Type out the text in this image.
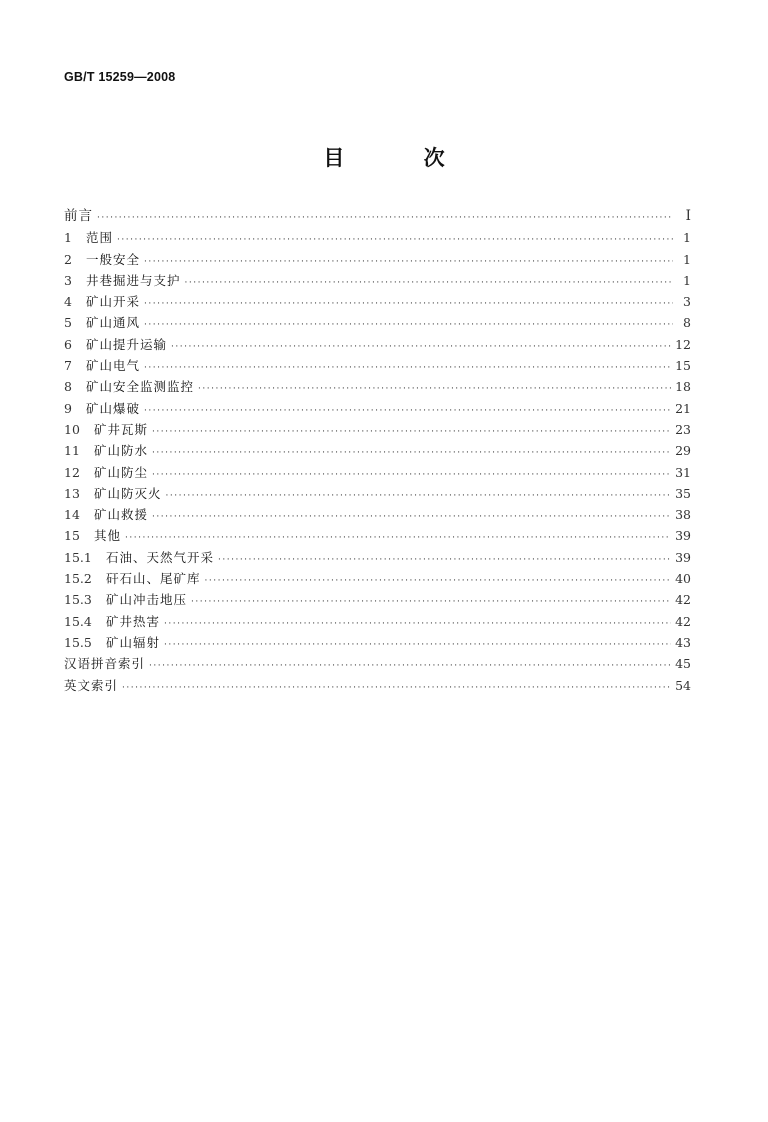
GB/T 15259—2008
目 次
前言 ·····	Ⅰ
1	范围 ·····	1
2	一般安全 ·····	1
3	井巷掘进与支护 ·····	1
4	矿山开采 ·····	3
5	矿山通风 ·····	8
6	矿山提升运输 ·····	12
7	矿山电气 ·····	15
8	矿山安全监测监控 ·····	18
9	矿山爆破 ·····	21
10	矿井瓦斯 ·····	23
11	矿山防水 ·····	29
12	矿山防尘 ·····	31
13	矿山防灭火 ·····	35
14	矿山救援 ·····	38
15	其他 ·····	39
15.1	石油、天然气开采 ·····	39
15.2	矸石山、尾矿库 ·····	40
15.3	矿山冲击地压 ·····	42
15.4	矿井热害 ·····	42
15.5	矿山辐射 ·····	43
汉语拼音索引 ·····	45
英文索引 ·····	54
